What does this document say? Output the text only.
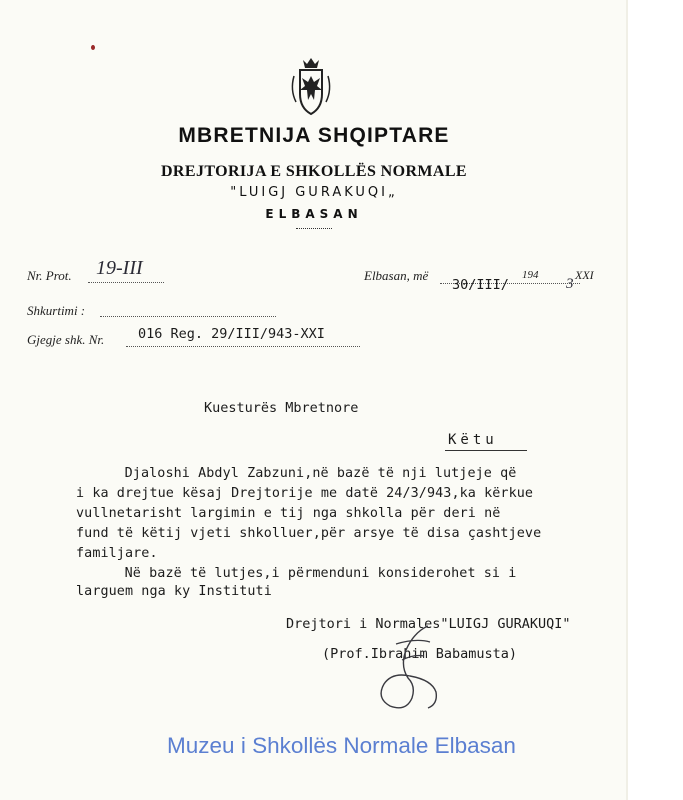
MBRETNIJA SHQIPTARE
DREJTORIJA E SHKOLLËS NORMALE
"LUIGJ GURAKUQI„
ELBASAN
Nr. Prot. 19-III	Elbasan, më
30/III/
194
3
XXI
Shkurtimi :
Gjegje shk. Nr. 016 Reg. 29/III/943-XXI
Kuesturës Mbretnore
Këtu
Djaloshi Abdyl Zabzuni,në bazë të nji lutjeje që
i ka drejtue kësaj Drejtorije me datë 24/3/943,ka kërkue
vullnetarisht largimin e tij nga shkolla për deri në
fund të këtij vjeti shkolluer,për arsye të disa çashtjeve
familjare.
Në bazë të lutjes,i përmenduni konsiderohet si i
larguem nga ky Instituti
Drejtori i Normales"LUIGJ GURAKUQI"
(Prof.Ibrahim Babamusta)
Muzeu i Shkollës Normale Elbasan
